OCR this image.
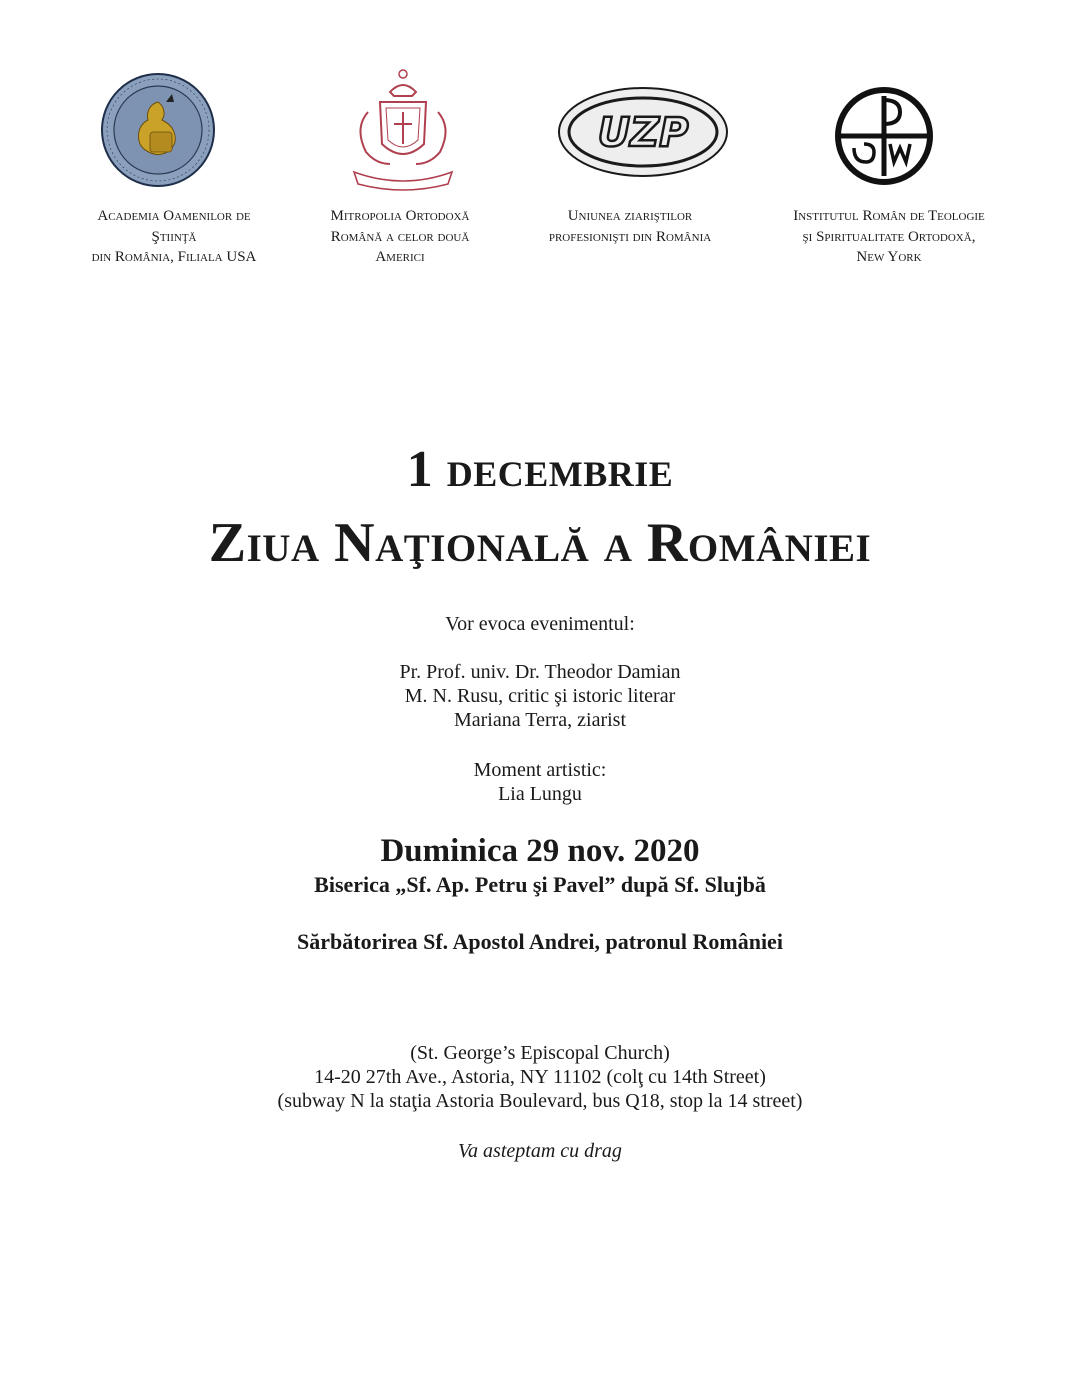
UZP
Academia Oamenilor de
Ştiinţă
din România, Filiala USA
Mitropolia Ortodoxă
Română a celor două
Americi
Uniunea ziariştilor
profesionişti din România
Institutul Român de Teologie
şi Spiritualitate Ortodoxă,
New York
1 decembrie
Ziua Naţională a României
Vor evoca evenimentul:
Pr. Prof. univ. Dr. Theodor Damian
M. N. Rusu, critic şi istoric literar
Mariana Terra, ziarist
Moment artistic:
Lia Lungu
Duminica 29 nov. 2020
Biserica „Sf. Ap. Petru şi Pavel” după Sf. Slujbă
Sărbătorirea Sf. Apostol Andrei, patronul României
(St. George’s Episcopal Church)
14-20 27th Ave., Astoria, NY 11102 (colţ cu 14th Street)
(subway N la staţia Astoria Boulevard, bus Q18, stop la 14 street)
Va asteptam cu drag
